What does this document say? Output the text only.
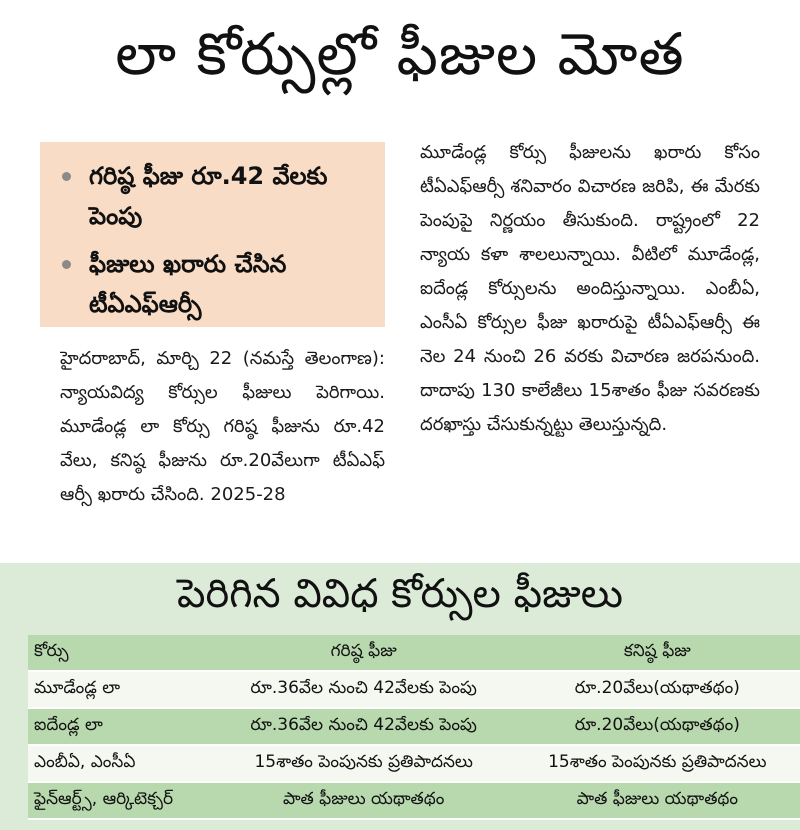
లా కోర్సుల్లో ఫీజుల మోత
గరిష్ఠ ఫీజు రూ.42 వేలకు పెంపు
ఫీజులు ఖరారు చేసిన టీఏఎఫ్‌ఆర్సీ
హైదరాబాద్, మార్చి 22 (నమస్తే తెలంగాణ): న్యాయవిద్య కోర్సుల ఫీజులు పెరిగాయి. మూడేండ్ల లా కోర్సు గరిష్ఠ ఫీజును రూ.42 వేలు, కనిష్ఠ ఫీజును రూ.20వేలుగా టీఏఎఫ్ ఆర్సీ ఖరారు చేసింది. 2025-28

మూడేండ్ల కోర్సు ఫీజులను ఖరారు కోసం టీఏఎఫ్ఆర్సీ శనివారం విచారణ జరిపి, ఈ మేరకు పెంపుపై నిర్ణయం తీసుకుంది. రాష్ట్రంలో 22 న్యాయ కళా శాలలున్నాయి. వీటిలో మూడేండ్ల, ఐదేండ్ల కోర్సులను అందిస్తున్నాయి. ఎంబీఏ, ఎంసీఏ కోర్సుల ఫీజు ఖరారుపై టీఏఎఫ్ఆర్సీ ఈ నెల 24 నుంచి 26 వరకు విచారణ జరపనుంది. దాదాపు 130 కాలేజీలు 15శాతం ఫీజు సవరణకు దరఖాస్తు చేసుకున్నట్టు తెలుస్తున్నది.

పెరిగిన వివిధ కోర్సుల ఫీజులు
కోర్సు	గరిష్ఠ ఫీజు	కనిష్ఠ ఫీజు
మూడేండ్ల లా	రూ.36వేల నుంచి 42వేలకు పెంపు	రూ.20వేలు(యథాతథం)
ఐదేండ్ల లా	రూ.36వేల నుంచి 42వేలకు పెంపు	రూ.20వేలు(యథాతథం)
ఎంబీఏ, ఎంసీఏ	15శాతం పెంపునకు ప్రతిపాదనలు	15శాతం పెంపునకు ప్రతిపాదనలు
ఫైన్ఆర్ట్స్, ఆర్కిటెక్చర్	పాత ఫీజులు యథాతథం	పాత ఫీజులు యథాతథం
